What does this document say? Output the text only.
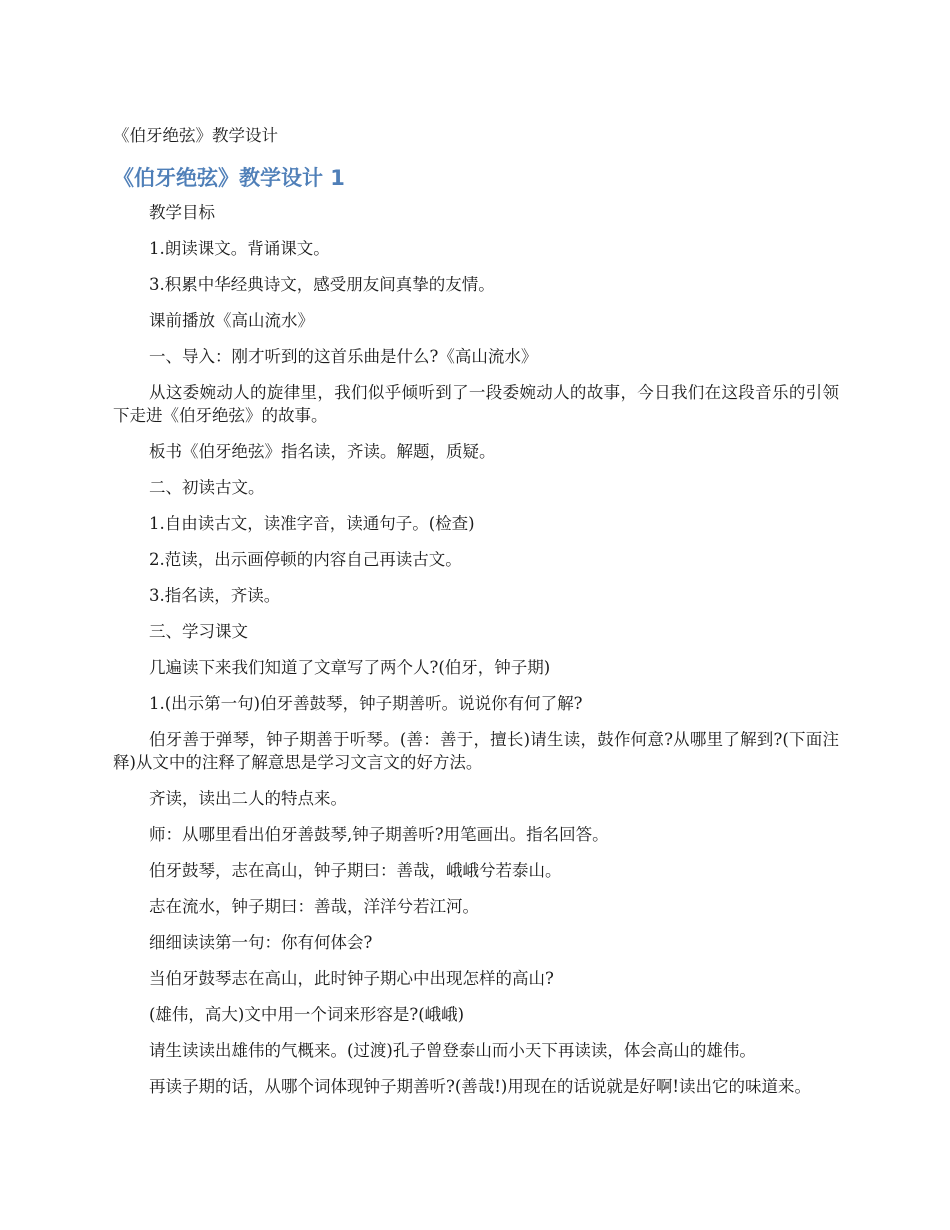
《伯牙绝弦》教学设计
《伯牙绝弦》教学设计 1

教学目标

1.朗读课文。背诵课文。

3.积累中华经典诗文，感受朋友间真挚的友情。

课前播放《高山流水》

一、导入：刚才听到的这首乐曲是什么?《高山流水》

从这委婉动人的旋律里，我们似乎倾听到了一段委婉动人的故事，今日我们在这段音乐的引领下走进《伯牙绝弦》的故事。

板书《伯牙绝弦》指名读，齐读。解题，质疑。

二、初读古文。

1.自由读古文，读准字音，读通句子。(检查)

2.范读，出示画停顿的内容自己再读古文。

3.指名读，齐读。

三、学习课文

几遍读下来我们知道了文章写了两个人?(伯牙，钟子期)

1.(出示第一句)伯牙善鼓琴，钟子期善听。说说你有何了解?

伯牙善于弹琴，钟子期善于听琴。(善：善于，擅长)请生读，鼓作何意?从哪里了解到?(下面注释)从文中的注释了解意思是学习文言文的好方法。

齐读，读出二人的特点来。

师：从哪里看出伯牙善鼓琴,钟子期善听?用笔画出。指名回答。

伯牙鼓琴，志在高山，钟子期曰：善哉，峨峨兮若泰山。

志在流水，钟子期曰：善哉，洋洋兮若江河。

细细读读第一句：你有何体会?

当伯牙鼓琴志在高山，此时钟子期心中出现怎样的高山?

(雄伟，高大)文中用一个词来形容是?(峨峨)

请生读读出雄伟的气概来。(过渡)孔子曾登泰山而小天下再读读，体会高山的雄伟。

再读子期的话，从哪个词体现钟子期善听?(善哉!)用现在的话说就是好啊!读出它的味道来。
